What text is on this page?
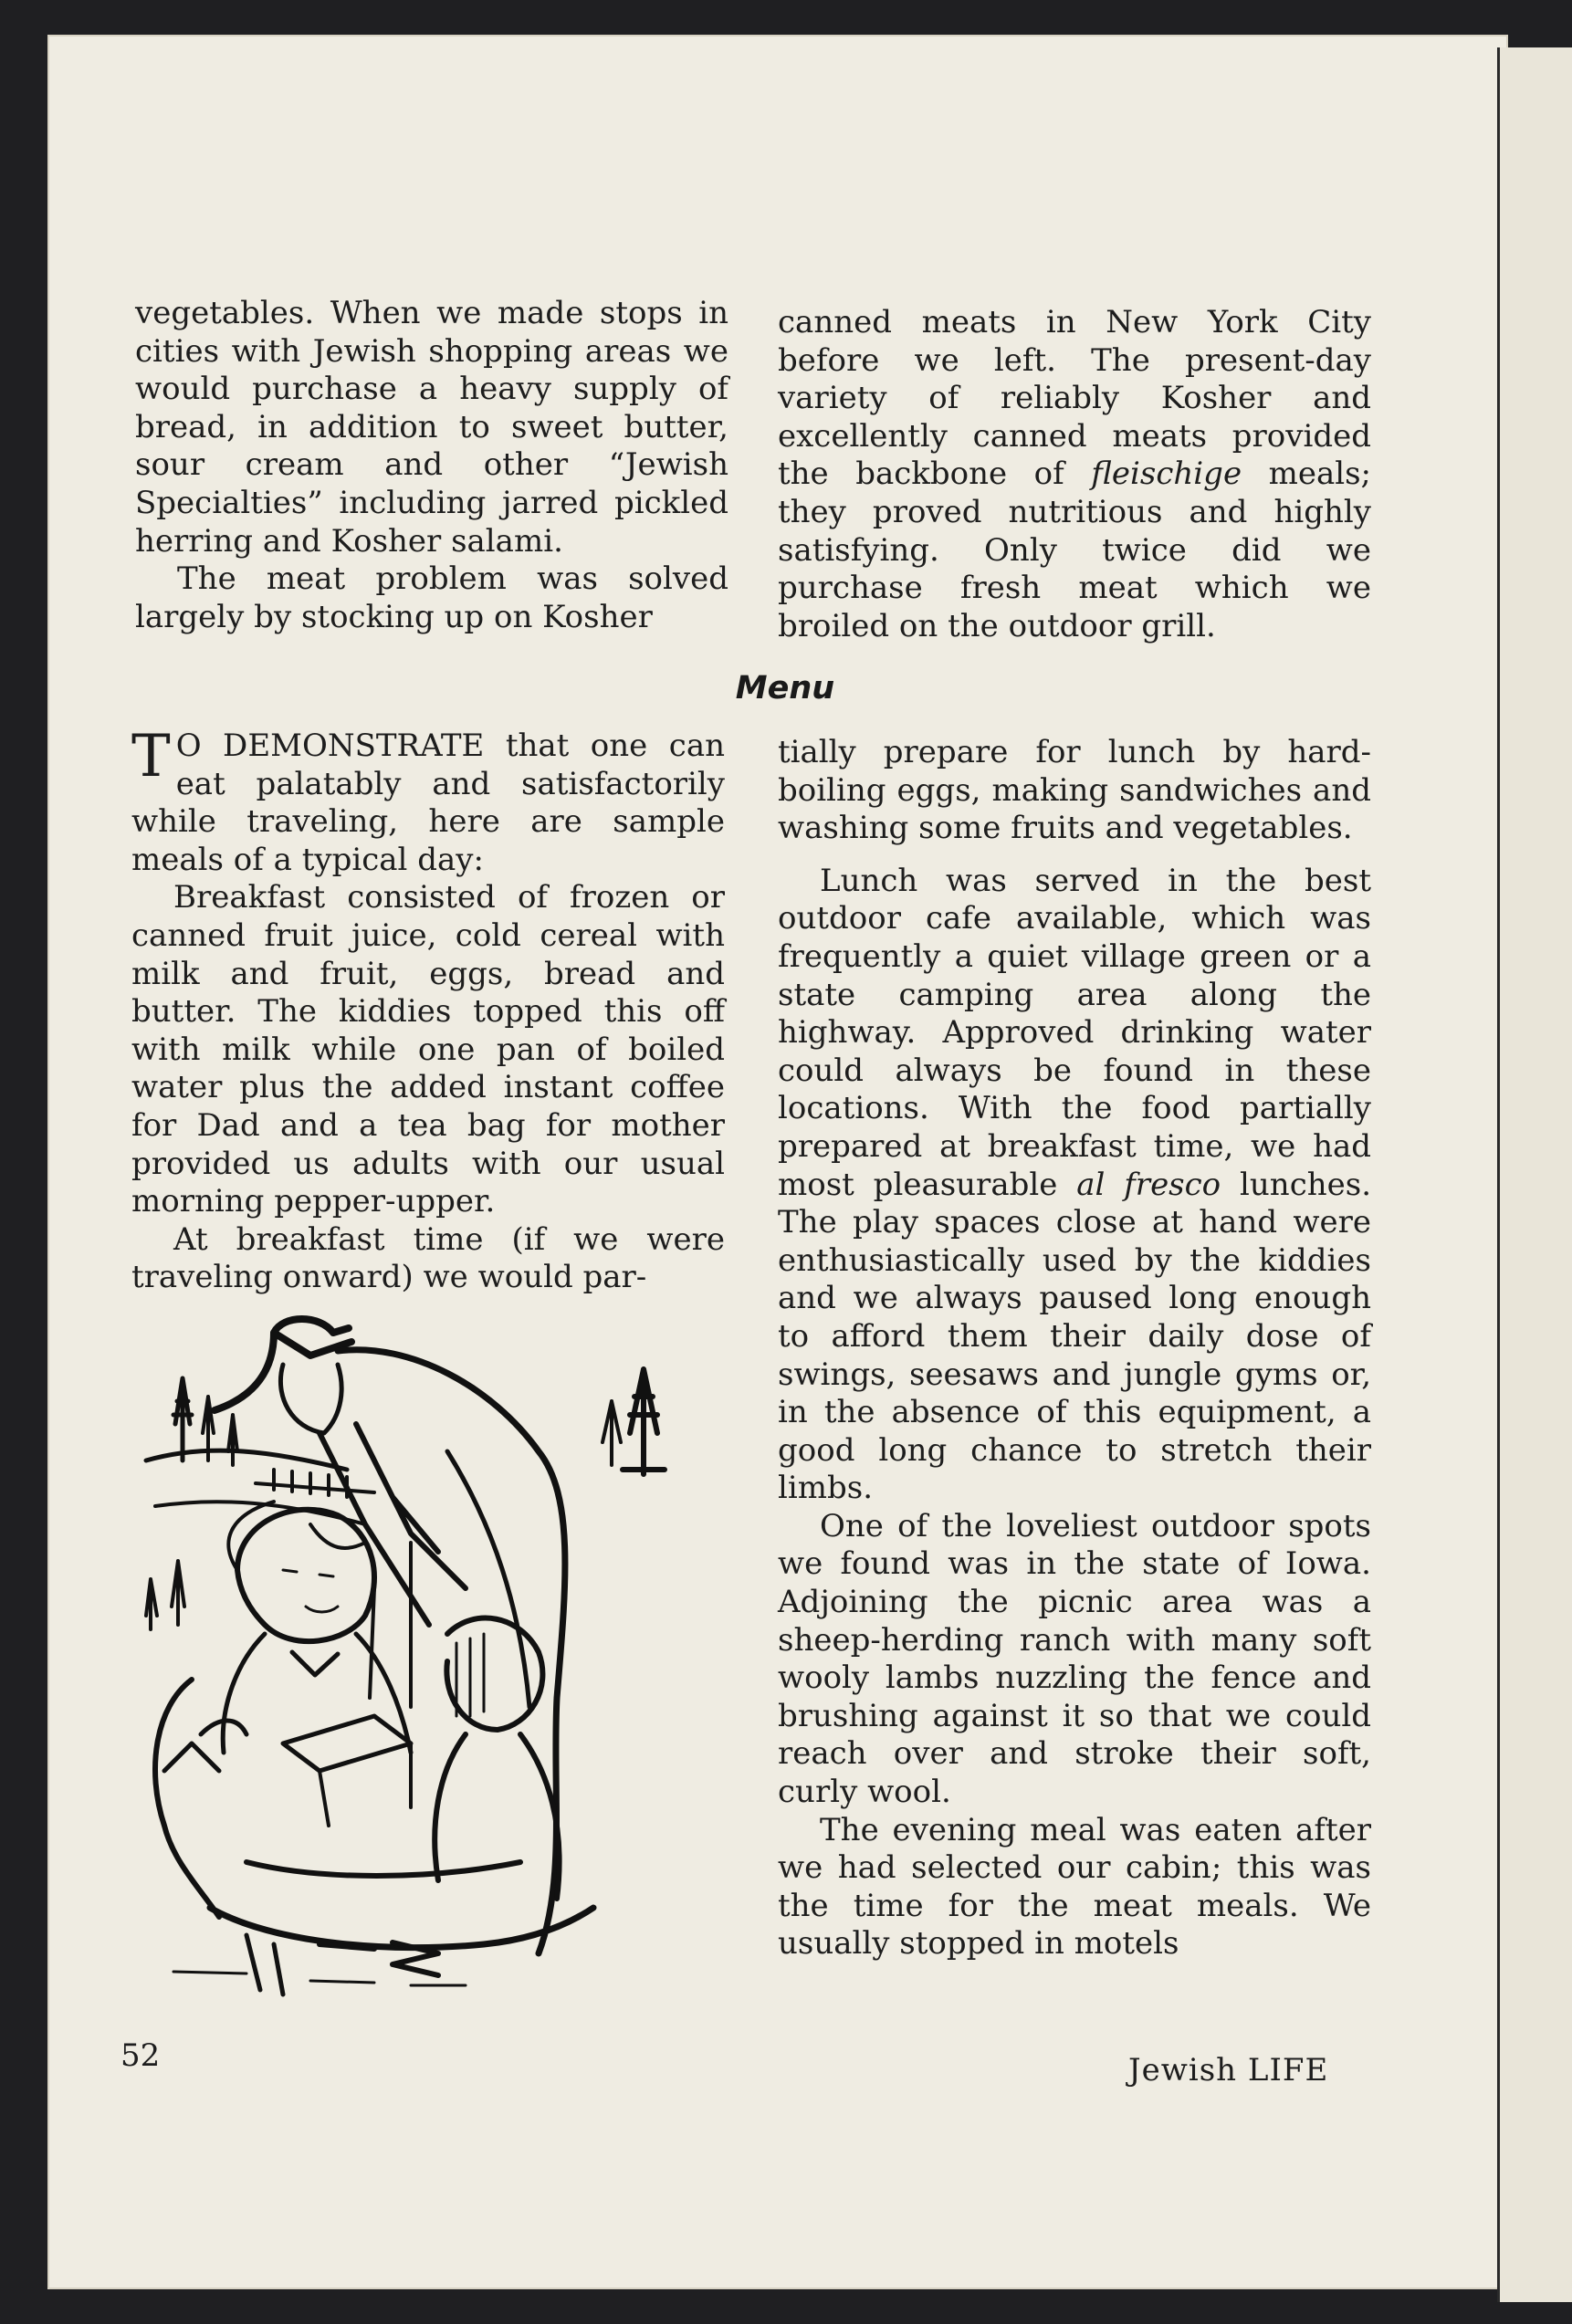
vegetables. When we made stops in cities with Jewish shopping areas we would purchase a heavy supply of bread, in addition to sweet butter, sour cream and other “Jewish Specialties” including jarred pickled herring and Kosher salami.

The meat problem was solved largely by stocking up on Kosher

canned meats in New York City before we left. The present-day variety of reliably Kosher and excellently canned meats provided the backbone of fleischige meals; they proved nutritious and highly satisfying. Only twice did we purchase fresh meat which we broiled on the outdoor grill.

Menu

T O DEMONSTRATE that one can eat palatably and satisfactorily while traveling, here are sample meals of a typical day:

Breakfast consisted of frozen or canned fruit juice, cold cereal with milk and fruit, eggs, bread and butter. The kiddies topped this off with milk while one pan of boiled water plus the added instant coffee for Dad and a tea bag for mother provided us adults with our usual morning pepper-upper.

At breakfast time (if we were traveling onward) we would par-

tially prepare for lunch by hard-boiling eggs, making sandwiches and washing some fruits and vegetables.

Lunch was served in the best outdoor cafe available, which was frequently a quiet village green or a state camping area along the highway. Approved drinking water could always be found in these locations. With the food partially prepared at breakfast time, we had most pleasurable al fresco lunches. The play spaces close at hand were enthusiastically used by the kiddies and we always paused long enough to afford them their daily dose of swings, seesaws and jungle gyms or, in the absence of this equipment, a good long chance to stretch their limbs.

One of the loveliest outdoor spots we found was in the state of Iowa. Adjoining the picnic area was a sheep-herding ranch with many soft wooly lambs nuzzling the fence and brushing against it so that we could reach over and stroke their soft, curly wool.

The evening meal was eaten after we had selected our cabin; this was the time for the meat meals. We usually stopped in motels

52	Jewish LIFE
